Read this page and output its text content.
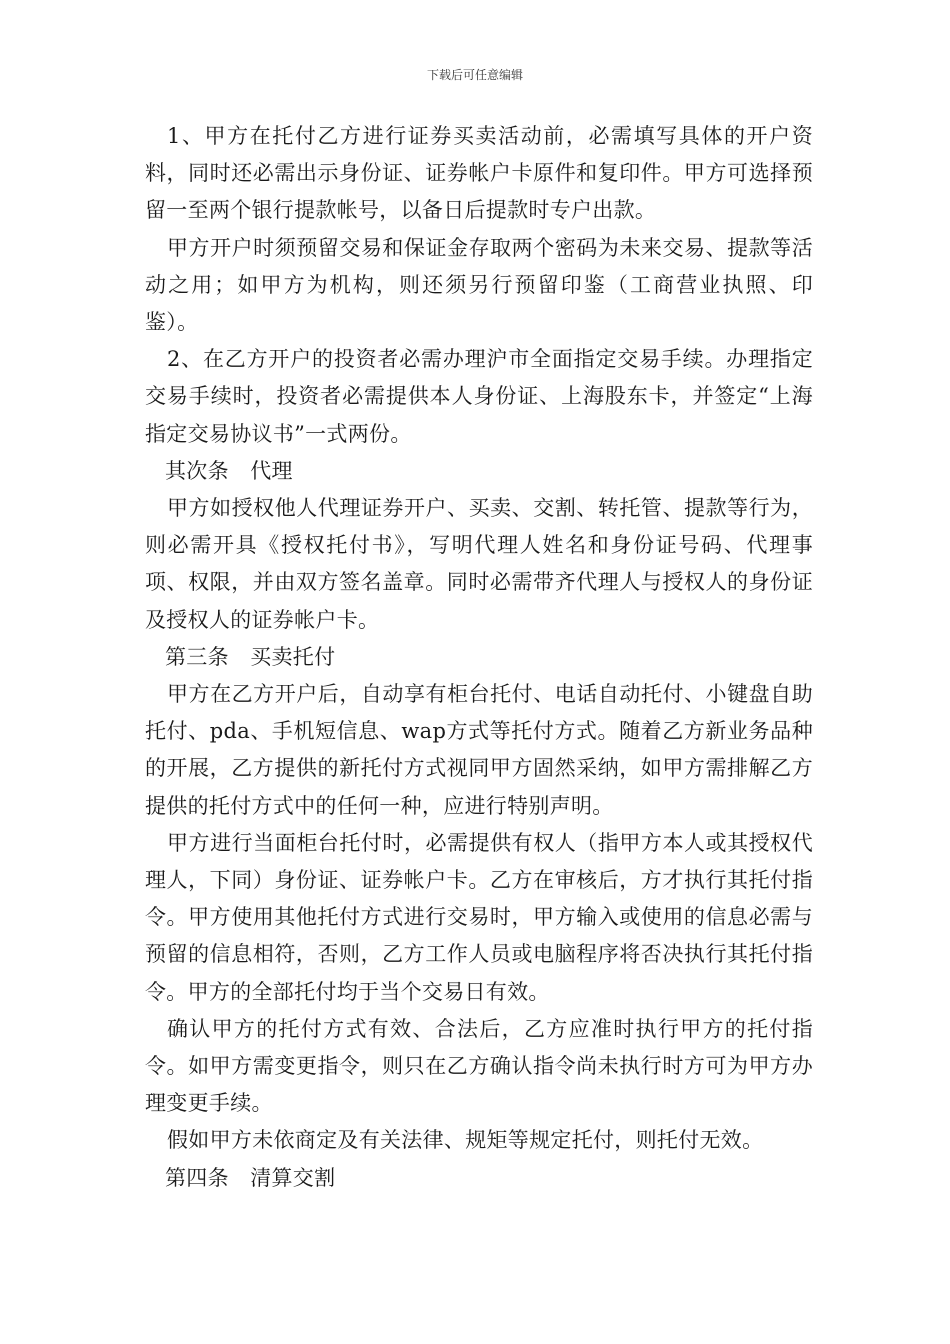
下载后可任意编辑

1、甲方在托付乙方进行证券买卖活动前，必需填写具体的开户资料，同时还必需出示身份证、证券帐户卡原件和复印件。甲方可选择预留一至两个银行提款帐号，以备日后提款时专户出款。

甲方开户时须预留交易和保证金存取两个密码为未来交易、提款等活动之用；如甲方为机构，则还须另行预留印鉴（工商营业执照、印鉴）。

2、在乙方开户的投资者必需办理沪市全面指定交易手续。办理指定交易手续时，投资者必需提供本人身份证、上海股东卡，并签定“上海指定交易协议书”一式两份。

其次条　代理

甲方如授权他人代理证券开户、买卖、交割、转托管、提款等行为，则必需开具《授权托付书》，写明代理人姓名和身份证号码、代理事项、权限，并由双方签名盖章。同时必需带齐代理人与授权人的身份证及授权人的证券帐户卡。

第三条　买卖托付

甲方在乙方开户后，自动享有柜台托付、电话自动托付、小键盘自助托付、pda、手机短信息、wap方式等托付方式。随着乙方新业务品种的开展，乙方提供的新托付方式视同甲方固然采纳，如甲方需排解乙方提供的托付方式中的任何一种，应进行特别声明。

甲方进行当面柜台托付时，必需提供有权人（指甲方本人或其授权代理人，下同）身份证、证券帐户卡。乙方在审核后，方才执行其托付指令。甲方使用其他托付方式进行交易时，甲方输入或使用的信息必需与预留的信息相符，否则，乙方工作人员或电脑程序将否决执行其托付指令。甲方的全部托付均于当个交易日有效。

确认甲方的托付方式有效、合法后，乙方应准时执行甲方的托付指令。如甲方需变更指令，则只在乙方确认指令尚未执行时方可为甲方办理变更手续。

假如甲方未依商定及有关法律、规矩等规定托付，则托付无效。

第四条　清算交割
